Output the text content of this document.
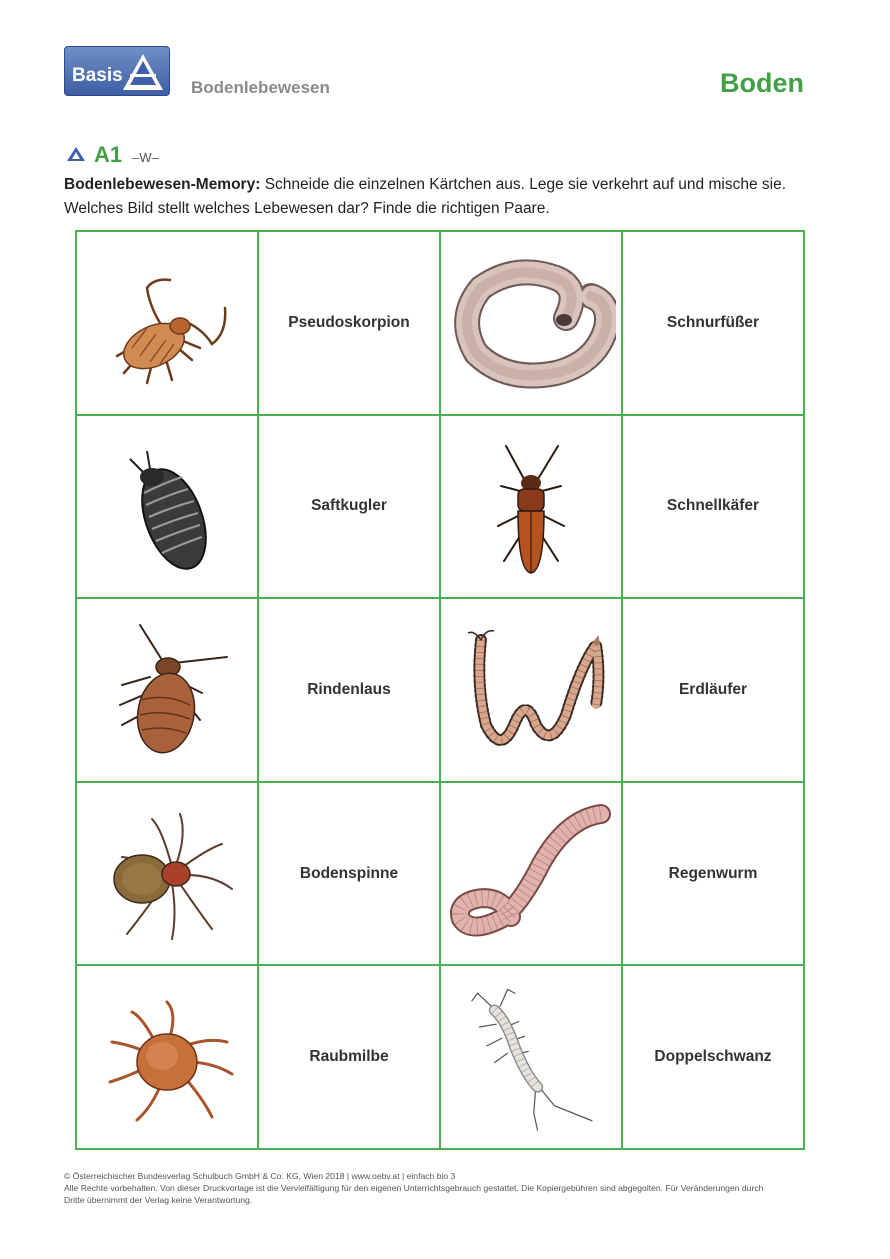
Basis
Bodenlebewesen	Boden
A1 –W–
Bodenlebewesen-Memory: Schneide die einzelnen Kärtchen aus. Lege sie verkehrt auf und mische sie.
Welches Bild stellt welches Lebewesen dar? Finde die richtigen Paare.
Pseudoskorpion	Schnurfüßer
Saftkugler	Schnellkäfer
Rindenlaus	Erdläufer
Bodenspinne	Regenwurm
Raubmilbe	Doppelschwanz
© Österreichischer Bundesverlag Schulbuch GmbH & Co. KG, Wien 2018 | www.oebv.at | einfach bio 3
Alle Rechte vorbehalten. Von dieser Druckvorlage ist die Vervielfältigung für den eigenen Unterrichtsgebrauch gestattet. Die Kopiergebühren sind abgegolten. Für Veränderungen durch
Dritte übernimmt der Verlag keine Verantwortung.
